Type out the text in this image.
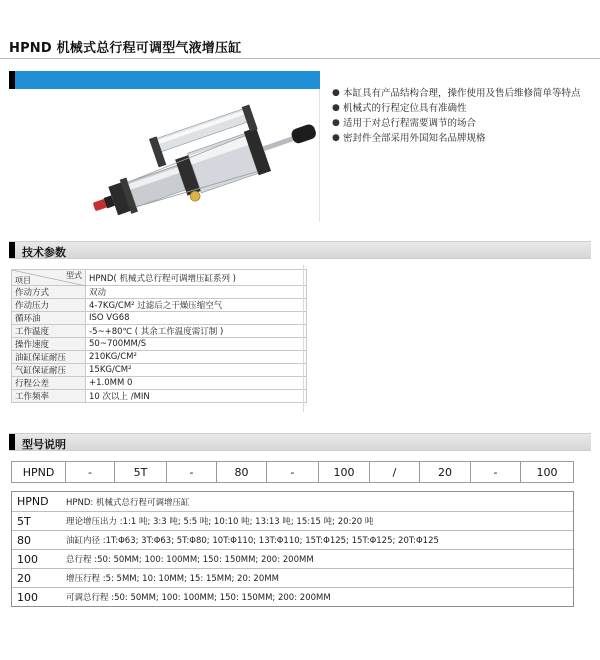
HPND 机械式总行程可调型气液增压缸
● 本缸具有产品结构合理，操作使用及售后维修简单等特点
● 机械式的行程定位具有准确性
● 适用于对总行程需要调节的场合
● 密封件全部采用外国知名品牌规格
技术参数
型式
项目	HPND( 机械式总行程可调增压缸系列 )
作动方式	双动
作动压力	4-7KG/CM² 过滤后之干燥压缩空气
循环油	ISO VG68
工作温度	-5~+80℃ ( 其余工作温度需订制 )
操作速度	50~700MM/S
油缸保证耐压	210KG/CM²
气缸保证耐压	15KG/CM²
行程公差	+1.0MM 0
工作频率	10 次以上 /MIN
型号说明
HPND	-	5T	-	80	-	100	/	20	-	100
HPND	HPND: 机械式总行程可调增压缸
5T	理论增压出力 :1:1 吨; 3:3 吨; 5:5 吨; 10:10 吨; 13:13 吨; 15:15 吨; 20:20 吨
80	油缸内径 :1T:Φ63; 3T:Φ63; 5T:Φ80; 10T:Φ110; 13T:Φ110; 15T:Φ125; 15T:Φ125; 20T:Φ125
100	总行程 :50: 50MM; 100: 100MM; 150: 150MM; 200: 200MM
20	增压行程 :5: 5MM; 10: 10MM; 15: 15MM; 20: 20MM
100	可调总行程 :50: 50MM; 100: 100MM; 150: 150MM; 200: 200MM
